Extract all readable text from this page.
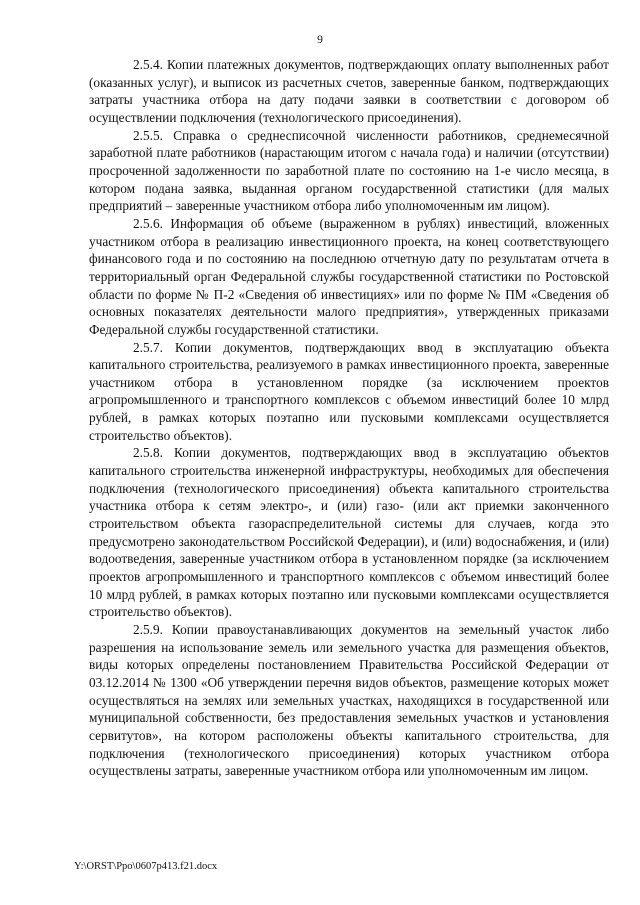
9

2.5.4. Копии платежных документов, подтверждающих оплату выполненных работ (оказанных услуг), и выписок из расчетных счетов, заверенные банком, подтверждающих затраты участника отбора на дату подачи заявки в соответствии с договором об осуществлении подключения (технологического присоединения).

2.5.5. Справка о среднесписочной численности работников, среднемесячной заработной плате работников (нарастающим итогом с начала года) и наличии (отсутствии) просроченной задолженности по заработной плате по состоянию на 1-е число месяца, в котором подана заявка, выданная органом государственной статистики (для малых предприятий – заверенные участником отбора либо уполномоченным им лицом).

2.5.6. Информация об объеме (выраженном в рублях) инвестиций, вложенных участником отбора в реализацию инвестиционного проекта, на конец соответствующего финансового года и по состоянию на последнюю отчетную дату по результатам отчета в территориальный орган Федеральной службы государственной статистики по Ростовской области по форме № П-2 «Сведения об инвестициях» или по форме № ПМ «Сведения об основных показателях деятельности малого предприятия», утвержденных приказами Федеральной службы государственной статистики.

2.5.7. Копии документов, подтверждающих ввод в эксплуатацию объекта капитального строительства, реализуемого в рамках инвестиционного проекта, заверенные участником отбора в установленном порядке (за исключением проектов агропромышленного и транспортного комплексов с объемом инвестиций более 10 млрд рублей, в рамках которых поэтапно или пусковыми комплексами осуществляется строительство объектов).

2.5.8. Копии документов, подтверждающих ввод в эксплуатацию объектов капитального строительства инженерной инфраструктуры, необходимых для обеспечения подключения (технологического присоединения) объекта капитального строительства участника отбора к сетям электро-, и (или) газо- (или акт приемки законченного строительством объекта газораспределительной системы для случаев, когда это предусмотрено законодательством Российской Федерации), и (или) водоснабжения, и (или) водоотведения, заверенные участником отбора в установленном порядке (за исключением проектов агропромышленного и транспортного комплексов с объемом инвестиций более 10 млрд рублей, в рамках которых поэтапно или пусковыми комплексами осуществляется строительство объектов).

2.5.9. Копии правоустанавливающих документов на земельный участок либо разрешения на использование земель или земельного участка для размещения объектов, виды которых определены постановлением Правительства Российской Федерации от 03.12.2014 № 1300 «Об утверждении перечня видов объектов, размещение которых может осуществляться на землях или земельных участках, находящихся в государственной или муниципальной собственности, без предоставления земельных участков и установления сервитутов», на котором расположены объекты капитального строительства, для подключения (технологического присоединения) которых участником отбора осуществлены затраты, заверенные участником отбора или уполномоченным им лицом.

Y:\ORST\Ppo\0607p413.f21.docx
